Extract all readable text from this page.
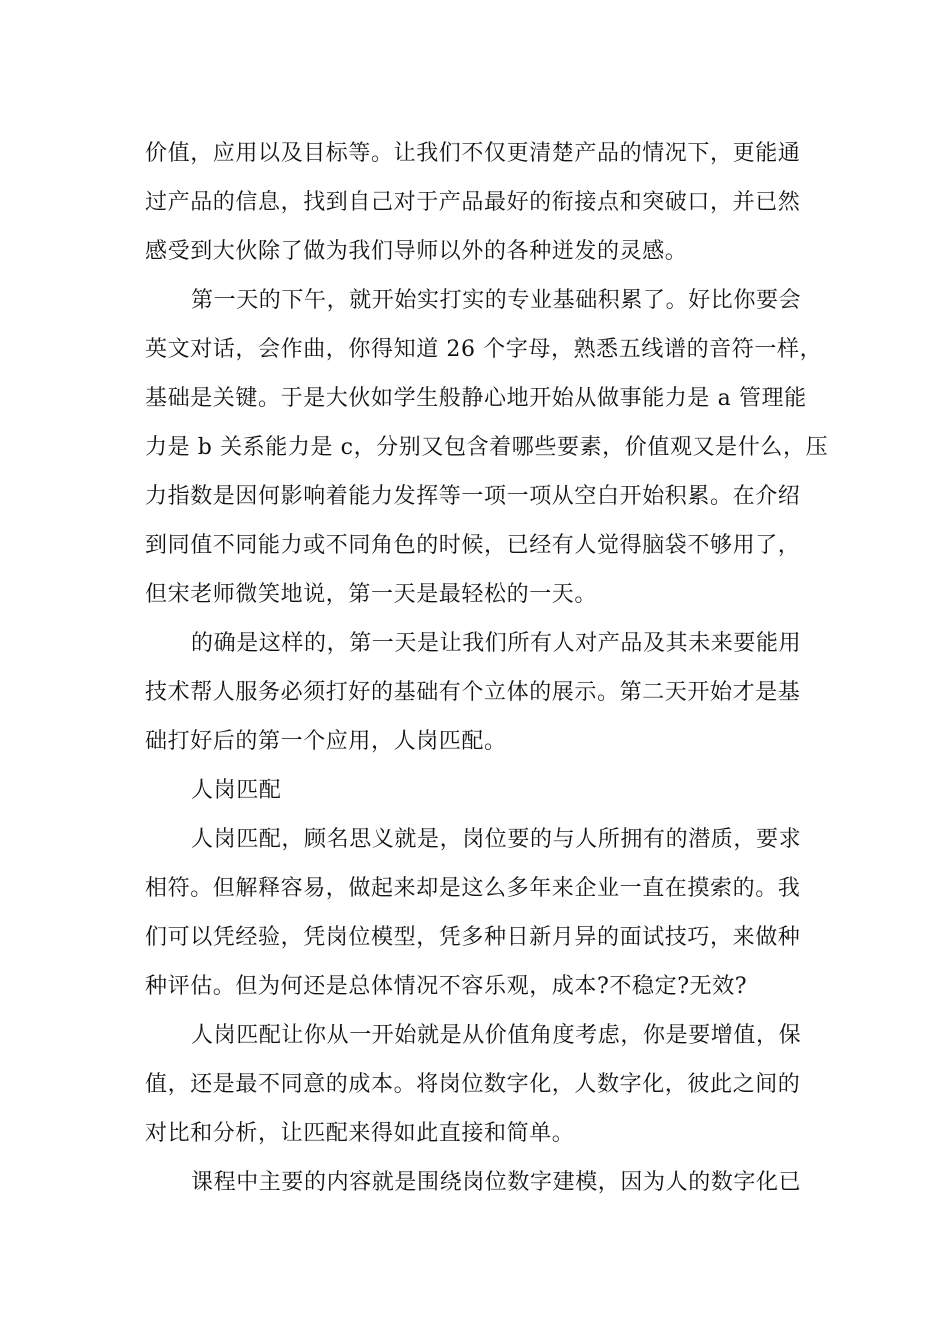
价值，应用以及目标等。让我们不仅更清楚产品的情况下，更能通
过产品的信息，找到自己对于产品最好的衔接点和突破口，并已然
感受到大伙除了做为我们导师以外的各种迸发的灵感。
第一天的下午，就开始实打实的专业基础积累了。好比你要会
英文对话，会作曲，你得知道 26 个字母，熟悉五线谱的音符一样，
基础是关键。于是大伙如学生般静心地开始从做事能力是 a 管理能
力是 b 关系能力是 c，分别又包含着哪些要素，价值观又是什么，压
力指数是因何影响着能力发挥等一项一项从空白开始积累。在介绍
到同值不同能力或不同角色的时候，已经有人觉得脑袋不够用了，
但宋老师微笑地说，第一天是最轻松的一天。
的确是这样的，第一天是让我们所有人对产品及其未来要能用
技术帮人服务必须打好的基础有个立体的展示。第二天开始才是基
础打好后的第一个应用，人岗匹配。
人岗匹配
人岗匹配，顾名思义就是，岗位要的与人所拥有的潜质，要求
相符。但解释容易，做起来却是这么多年来企业一直在摸索的。我
们可以凭经验，凭岗位模型，凭多种日新月异的面试技巧，来做种
种评估。但为何还是总体情况不容乐观，成本?不稳定?无效?
人岗匹配让你从一开始就是从价值角度考虑，你是要增值，保
值，还是最不同意的成本。将岗位数字化，人数字化，彼此之间的
对比和分析，让匹配来得如此直接和简单。
课程中主要的内容就是围绕岗位数字建模，因为人的数字化已
